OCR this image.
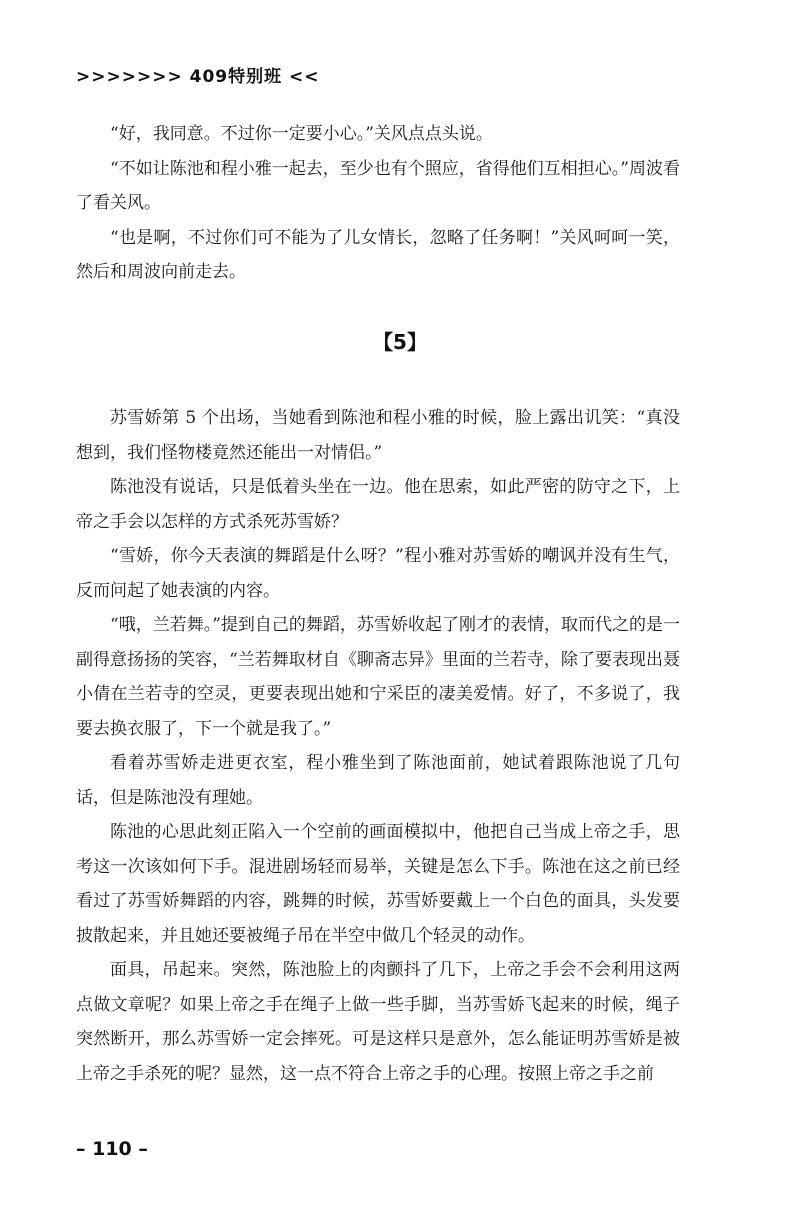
>>>>>>> 409特别班 <<

“好，我同意。不过你一定要小心。”关风点点头说。

“不如让陈池和程小雅一起去，至少也有个照应，省得他们互相担心。”周波看了看关风。

“也是啊，不过你们可不能为了儿女情长，忽略了任务啊！”关风呵呵一笑，然后和周波向前走去。

【5】

苏雪娇第 5 个出场，当她看到陈池和程小雅的时候，脸上露出讥笑：“真没想到，我们怪物楼竟然还能出一对情侣。”

陈池没有说话，只是低着头坐在一边。他在思索，如此严密的防守之下，上帝之手会以怎样的方式杀死苏雪娇？

“雪娇，你今天表演的舞蹈是什么呀？”程小雅对苏雪娇的嘲讽并没有生气，反而问起了她表演的内容。

“哦，兰若舞。”提到自己的舞蹈，苏雪娇收起了刚才的表情，取而代之的是一副得意扬扬的笑容，“兰若舞取材自《聊斋志异》里面的兰若寺，除了要表现出聂小倩在兰若寺的空灵，更要表现出她和宁采臣的凄美爱情。好了，不多说了，我要去换衣服了，下一个就是我了。”

看着苏雪娇走进更衣室，程小雅坐到了陈池面前，她试着跟陈池说了几句话，但是陈池没有理她。

陈池的心思此刻正陷入一个空前的画面模拟中，他把自己当成上帝之手，思考这一次该如何下手。混进剧场轻而易举，关键是怎么下手。陈池在这之前已经看过了苏雪娇舞蹈的内容，跳舞的时候，苏雪娇要戴上一个白色的面具，头发要披散起来，并且她还要被绳子吊在半空中做几个轻灵的动作。

面具，吊起来。突然，陈池脸上的肉颤抖了几下，上帝之手会不会利用这两点做文章呢？如果上帝之手在绳子上做一些手脚，当苏雪娇飞起来的时候，绳子突然断开，那么苏雪娇一定会摔死。可是这样只是意外，怎么能证明苏雪娇是被上帝之手杀死的呢？显然，这一点不符合上帝之手的心理。按照上帝之手之前

– 110 –
